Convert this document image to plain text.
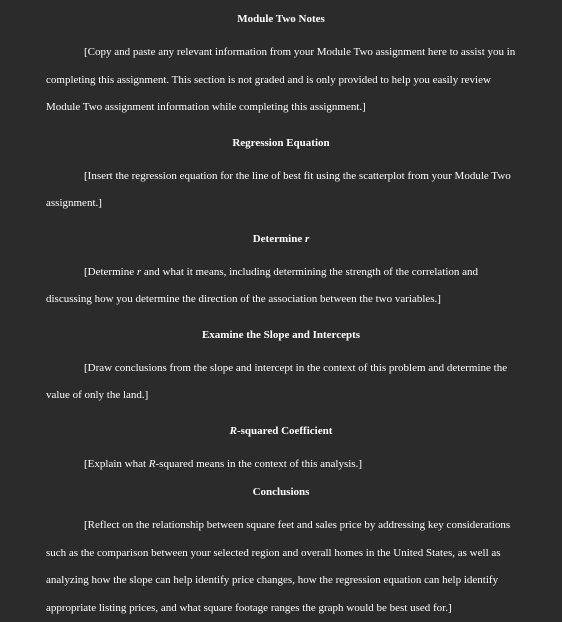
Module Two Notes

[Copy and paste any relevant information from your Module Two assignment here to assist you in completing this assignment. This section is not graded and is only provided to help you easily review Module Two assignment information while completing this assignment.]

Regression Equation

[Insert the regression equation for the line of best fit using the scatterplot from your Module Two assignment.]

Determine r

[Determine r and what it means, including determining the strength of the correlation and discussing how you determine the direction of the association between the two variables.]

Examine the Slope and Intercepts

[Draw conclusions from the slope and intercept in the context of this problem and determine the value of only the land.]

R-squared Coefficient

[Explain what R-squared means in the context of this analysis.]

Conclusions

[Reflect on the relationship between square feet and sales price by addressing key considerations such as the comparison between your selected region and overall homes in the United States, as well as analyzing how the slope can help identify price changes, how the regression equation can help identify appropriate listing prices, and what square footage ranges the graph would be best used for.]
